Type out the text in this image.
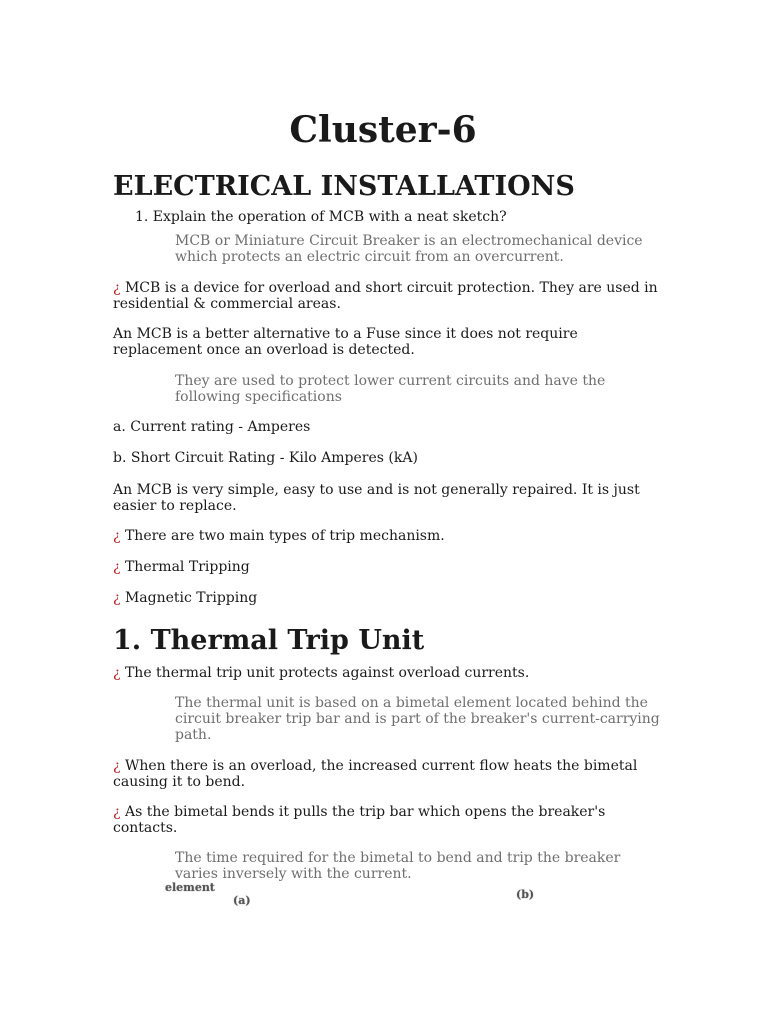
Cluster-6
ELECTRICAL INSTALLATIONS

1. Explain the operation of MCB with a neat sketch?

MCB or Miniature Circuit Breaker is an electromechanical device which protects an electric circuit from an overcurrent.

¿ MCB is a device for overload and short circuit protection. They are used in residential & commercial areas.

An MCB is a better alternative to a Fuse since it does not require replacement once an overload is detected.

They are used to protect lower current circuits and have the following specifications

a. Current rating - Amperes

b. Short Circuit Rating - Kilo Amperes (kA)

An MCB is very simple, easy to use and is not generally repaired. It is just easier to replace.

¿ There are two main types of trip mechanism.

¿ Thermal Tripping

¿ Magnetic Tripping

1. Thermal Trip Unit

¿ The thermal trip unit protects against overload currents.

The thermal unit is based on a bimetal element located behind the circuit breaker trip bar and is part of the breaker's current-carrying path.

¿ When there is an overload, the increased current flow heats the bimetal causing it to bend.

¿ As the bimetal bends it pulls the trip bar which opens the breaker's contacts.

The time required for the bimetal to bend and trip the breaker varies inversely with the current.

element

(a)	(b)
